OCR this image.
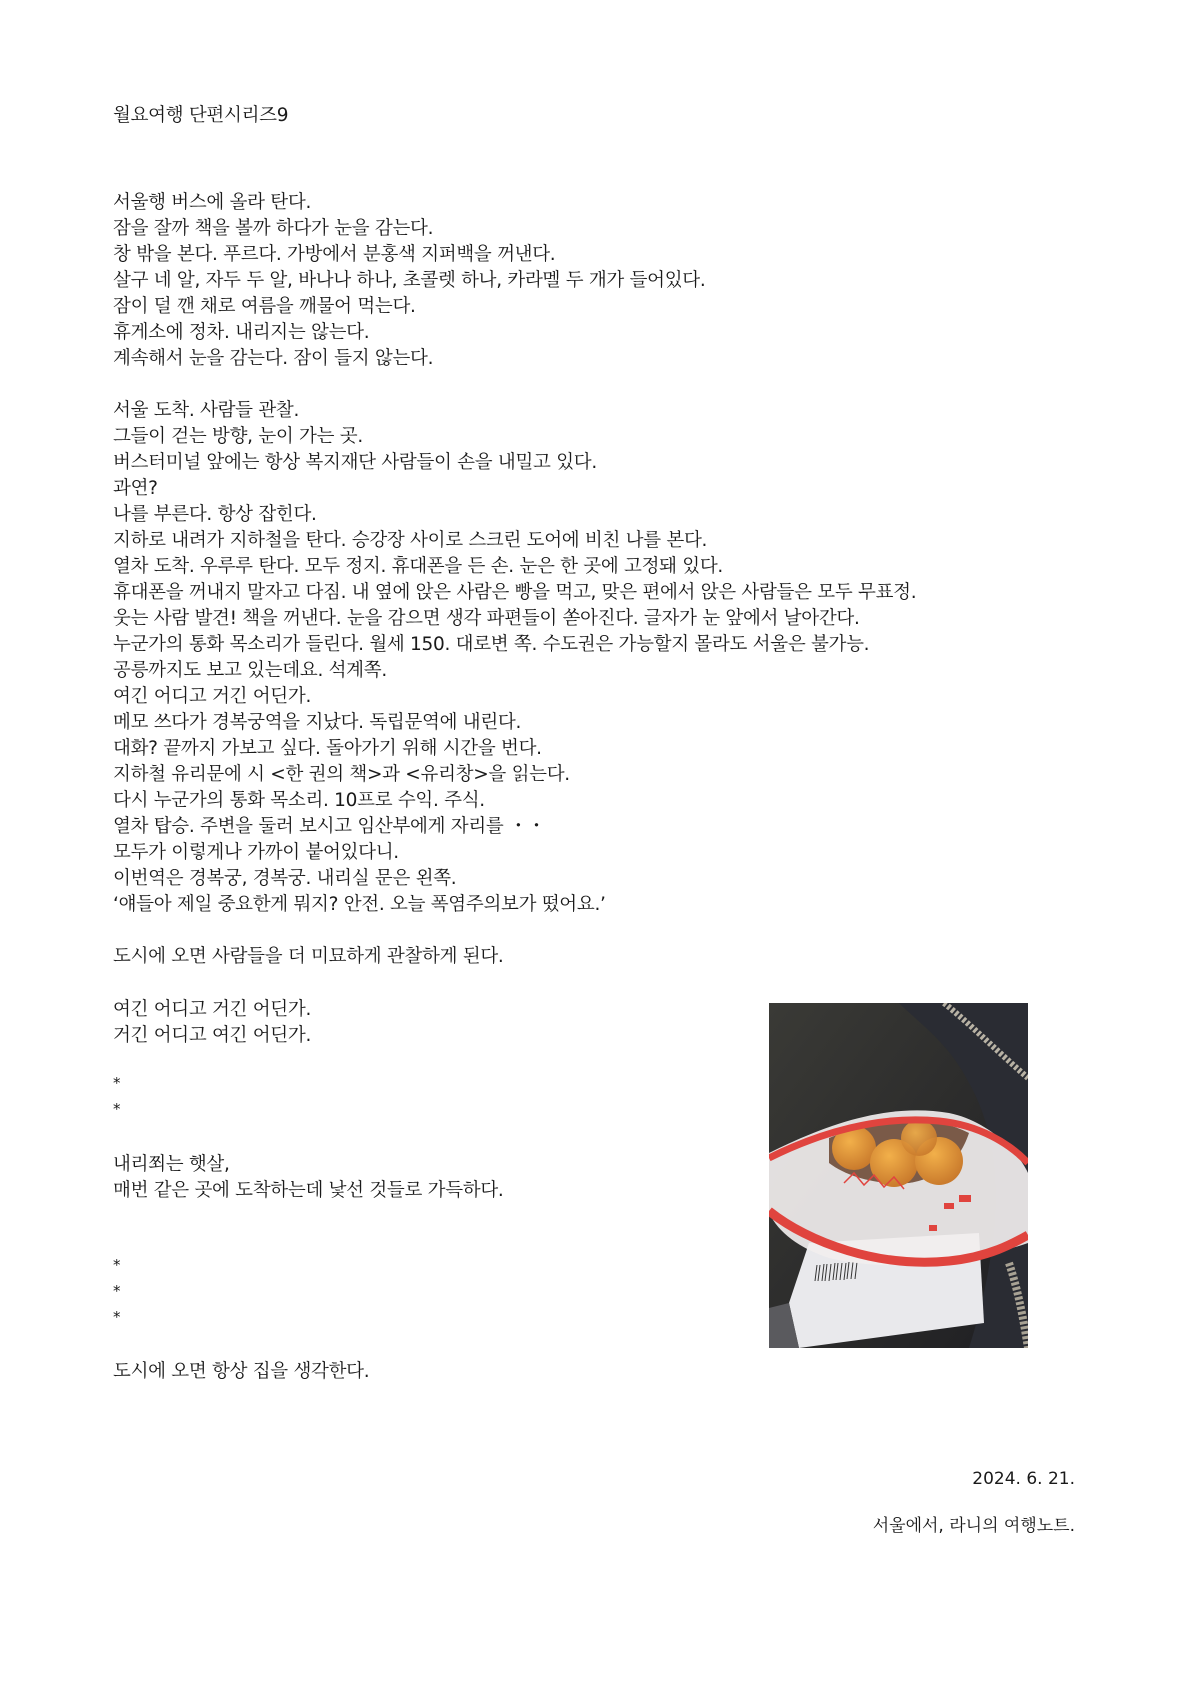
월요여행 단편시리즈9
서울행 버스에 올라 탄다.
잠을 잘까 책을 볼까 하다가 눈을 감는다.
창 밖을 본다. 푸르다. 가방에서 분홍색 지퍼백을 꺼낸다.
살구 네 알, 자두 두 알, 바나나 하나, 초콜렛 하나, 카라멜 두 개가 들어있다.
잠이 덜 깬 채로 여름을 깨물어 먹는다.
휴게소에 정차. 내리지는 않는다.
계속해서 눈을 감는다. 잠이 들지 않는다.
서울 도착. 사람들 관찰.
그들이 걷는 방향, 눈이 가는 곳.
버스터미널 앞에는 항상 복지재단 사람들이 손을 내밀고 있다.
과연?
나를 부른다. 항상 잡힌다.
지하로 내려가 지하철을 탄다. 승강장 사이로 스크린 도어에 비친 나를 본다.
열차 도착. 우루루 탄다. 모두 정지. 휴대폰을 든 손. 눈은 한 곳에 고정돼 있다.
휴대폰을 꺼내지 말자고 다짐. 내 옆에 앉은 사람은 빵을 먹고, 맞은 편에서 앉은 사람들은 모두 무표정.
웃는 사람 발견! 책을 꺼낸다. 눈을 감으면 생각 파편들이 쏟아진다. 글자가 눈 앞에서 날아간다.
누군가의 통화 목소리가 들린다. 월세 150. 대로변 쪽. 수도권은 가능할지 몰라도 서울은 불가능.
공릉까지도 보고 있는데요. 석계쪽.
여긴 어디고 거긴 어딘가.
메모 쓰다가 경복궁역을 지났다. 독립문역에 내린다.
대화? 끝까지 가보고 싶다. 돌아가기 위해 시간을 번다.
지하철 유리문에 시 <한 권의 책>과 <유리창>을 읽는다.
다시 누군가의 통화 목소리. 10프로 수익. 주식.
열차 탑승. 주변을 둘러 보시고 임산부에게 자리를 ・・
모두가 이렇게나 가까이 붙어있다니.
이번역은 경복궁, 경복궁. 내리실 문은 왼쪽.
‘얘들아 제일 중요한게 뭐지? 안전. 오늘 폭염주의보가 떴어요.’
도시에 오면 사람들을 더 미묘하게 관찰하게 된다.
여긴 어디고 거긴 어딘가.
거긴 어디고 여긴 어딘가.
*
*
내리쬐는 햇살,
매번 같은 곳에 도착하는데 낯선 것들로 가득하다.
*
*
*
도시에 오면 항상 집을 생각한다.
2024. 6. 21.
서울에서, 라니의 여행노트.
